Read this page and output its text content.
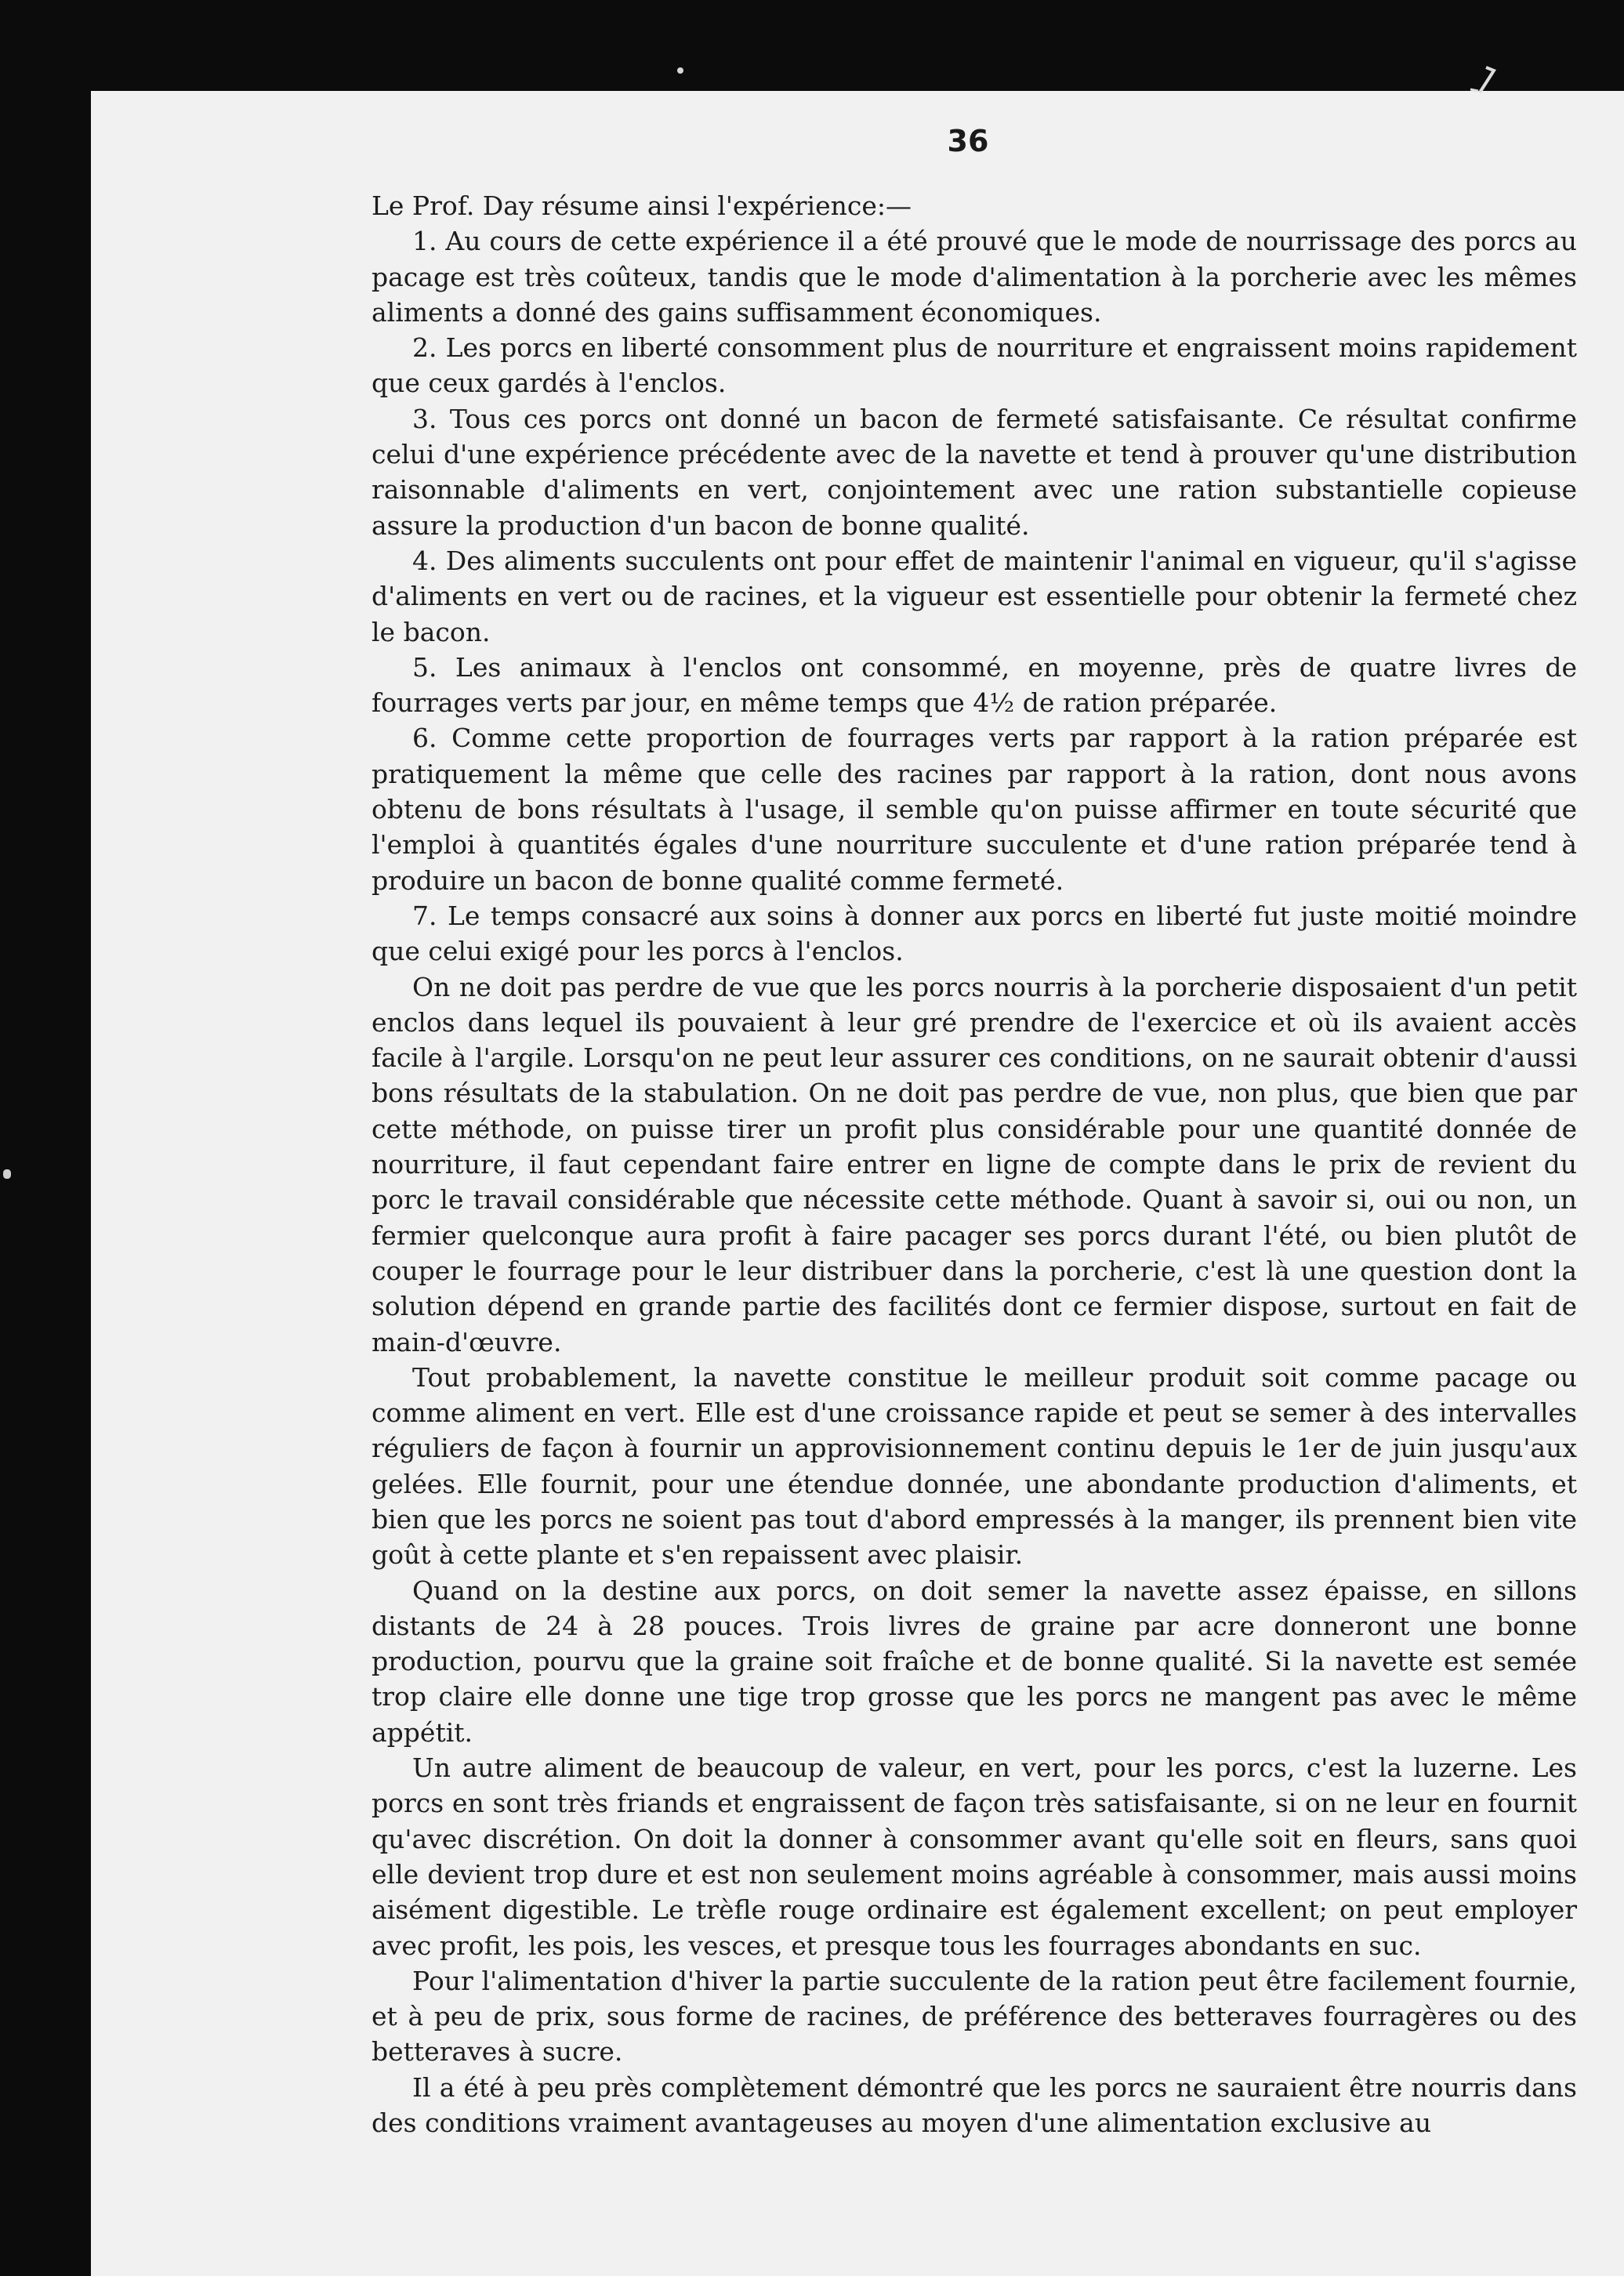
36

Le Prof. Day résume ainsi l'expérience:—

1. Au cours de cette expérience il a été prouvé que le mode de nourrissage des porcs au pacage est très coûteux, tandis que le mode d'alimentation à la porcherie avec les mêmes aliments a donné des gains suffisamment économiques.

2. Les porcs en liberté consomment plus de nourriture et engraissent moins rapidement que ceux gardés à l'enclos.

3. Tous ces porcs ont donné un bacon de fermeté satisfaisante. Ce résultat confirme celui d'une expérience précédente avec de la navette et tend à prouver qu'une distribution raisonnable d'aliments en vert, conjointement avec une ration substantielle copieuse assure la production d'un bacon de bonne qualité.

4. Des aliments succulents ont pour effet de maintenir l'animal en vigueur, qu'il s'agisse d'aliments en vert ou de racines, et la vigueur est essentielle pour obtenir la fermeté chez le bacon.

5. Les animaux à l'enclos ont consommé, en moyenne, près de quatre livres de fourrages verts par jour, en même temps que 4½ de ration préparée.

6. Comme cette proportion de fourrages verts par rapport à la ration préparée est pratiquement la même que celle des racines par rapport à la ration, dont nous avons obtenu de bons résultats à l'usage, il semble qu'on puisse affirmer en toute sécurité que l'emploi à quantités égales d'une nourriture succulente et d'une ration préparée tend à produire un bacon de bonne qualité comme fermeté.

7. Le temps consacré aux soins à donner aux porcs en liberté fut juste moitié moindre que celui exigé pour les porcs à l'enclos.

On ne doit pas perdre de vue que les porcs nourris à la porcherie disposaient d'un petit enclos dans lequel ils pouvaient à leur gré prendre de l'exercice et où ils avaient accès facile à l'argile. Lorsqu'on ne peut leur assurer ces conditions, on ne saurait obtenir d'aussi bons résultats de la stabulation. On ne doit pas perdre de vue, non plus, que bien que par cette méthode, on puisse tirer un profit plus considérable pour une quantité donnée de nourriture, il faut cependant faire entrer en ligne de compte dans le prix de revient du porc le travail considérable que nécessite cette méthode. Quant à savoir si, oui ou non, un fermier quelconque aura profit à faire pacager ses porcs durant l'été, ou bien plutôt de couper le fourrage pour le leur distribuer dans la porcherie, c'est là une question dont la solution dépend en grande partie des facilités dont ce fermier dispose, surtout en fait de main-d'œuvre.

Tout probablement, la navette constitue le meilleur produit soit comme pacage ou comme aliment en vert. Elle est d'une croissance rapide et peut se semer à des intervalles réguliers de façon à fournir un approvisionnement continu depuis le 1er de juin jusqu'aux gelées. Elle fournit, pour une étendue donnée, une abondante production d'aliments, et bien que les porcs ne soient pas tout d'abord empressés à la manger, ils prennent bien vite goût à cette plante et s'en repaissent avec plaisir.

Quand on la destine aux porcs, on doit semer la navette assez épaisse, en sillons distants de 24 à 28 pouces. Trois livres de graine par acre donneront une bonne production, pourvu que la graine soit fraîche et de bonne qualité. Si la navette est semée trop claire elle donne une tige trop grosse que les porcs ne mangent pas avec le même appétit.

Un autre aliment de beaucoup de valeur, en vert, pour les porcs, c'est la luzerne. Les porcs en sont très friands et engraissent de façon très satisfaisante, si on ne leur en fournit qu'avec discrétion. On doit la donner à consommer avant qu'elle soit en fleurs, sans quoi elle devient trop dure et est non seulement moins agréable à consommer, mais aussi moins aisément digestible. Le trèfle rouge ordinaire est également excellent; on peut employer avec profit, les pois, les vesces, et presque tous les fourrages abondants en suc.

Pour l'alimentation d'hiver la partie succulente de la ration peut être facilement fournie, et à peu de prix, sous forme de racines, de préférence des betteraves fourragères ou des betteraves à sucre.

Il a été à peu près complètement démontré que les porcs ne sauraient être nourris dans des conditions vraiment avantageuses au moyen d'une alimentation exclusive au
